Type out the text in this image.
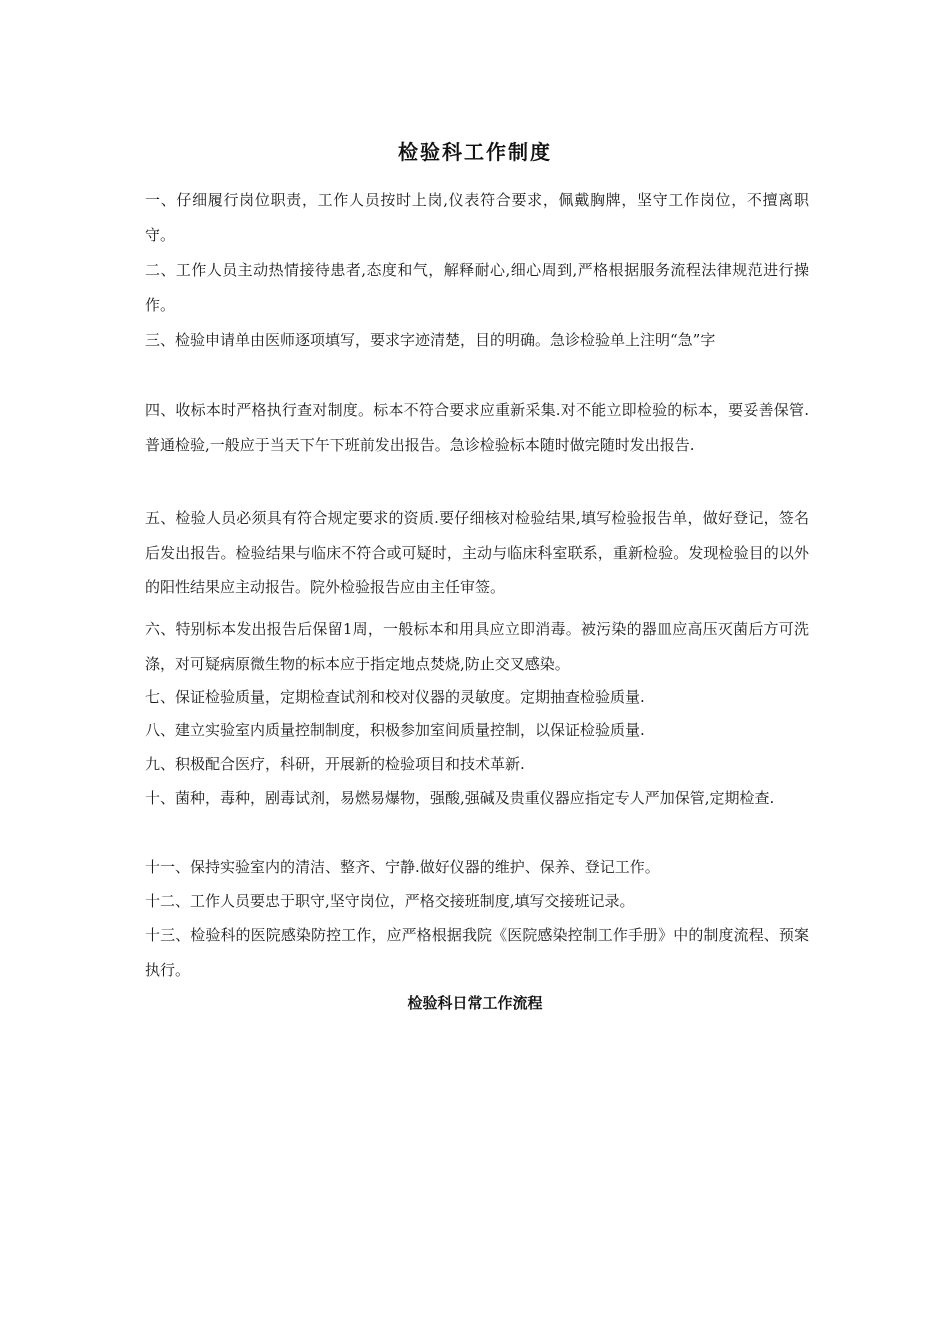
检验科工作制度
一、仔细履行岗位职责，工作人员按时上岗,仪表符合要求，佩戴胸牌，坚守工作岗位，不擅离职守。
二、工作人员主动热情接待患者,态度和气，解释耐心,细心周到,严格根据服务流程法律规范进行操作。
三、检验申请单由医师逐项填写，要求字迹清楚，目的明确。急诊检验单上注明“急”字
四、收标本时严格执行查对制度。标本不符合要求应重新采集.对不能立即检验的标本，要妥善保管.普通检验,一般应于当天下午下班前发出报告。急诊检验标本随时做完随时发出报告.
五、检验人员必须具有符合规定要求的资质.要仔细核对检验结果,填写检验报告单，做好登记，签名后发出报告。检验结果与临床不符合或可疑时，主动与临床科室联系，重新检验。发现检验目的以外的阳性结果应主动报告。院外检验报告应由主任审签。
六、特别标本发出报告后保留1周，一般标本和用具应立即消毒。被污染的器皿应高压灭菌后方可洗涤，对可疑病原微生物的标本应于指定地点焚烧,防止交叉感染。
七、保证检验质量，定期检查试剂和校对仪器的灵敏度。定期抽查检验质量.
八、建立实验室内质量控制制度，积极参加室间质量控制，以保证检验质量.
九、积极配合医疗，科研，开展新的检验项目和技术革新.
十、菌种，毒种，剧毒试剂，易燃易爆物，强酸,强碱及贵重仪器应指定专人严加保管,定期检查.
十一、保持实验室内的清洁、整齐、宁静.做好仪器的维护、保养、登记工作。
十二、工作人员要忠于职守,坚守岗位，严格交接班制度,填写交接班记录。
十三、检验科的医院感染防控工作，应严格根据我院《医院感染控制工作手册》中的制度流程、预案执行。
检验科日常工作流程
